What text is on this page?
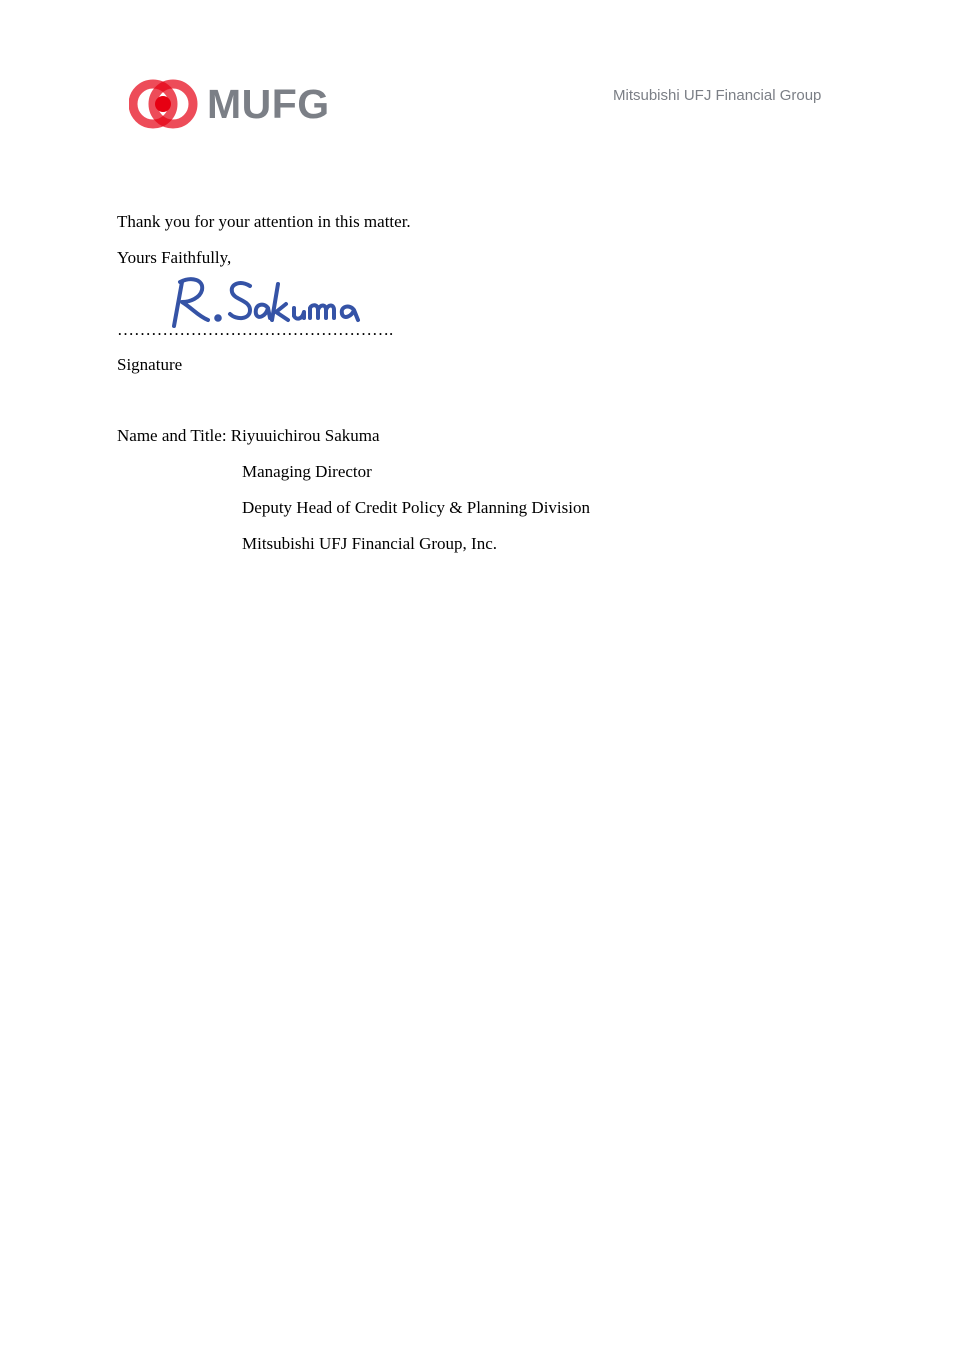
MUFG	Mitsubishi UFJ Financial Group
Thank you for your attention in this matter.
Yours Faithfully,
………………………………………….
Signature
Name and Title: Riyuuichirou Sakuma
Managing Director
Deputy Head of Credit Policy & Planning Division
Mitsubishi UFJ Financial Group, Inc.
